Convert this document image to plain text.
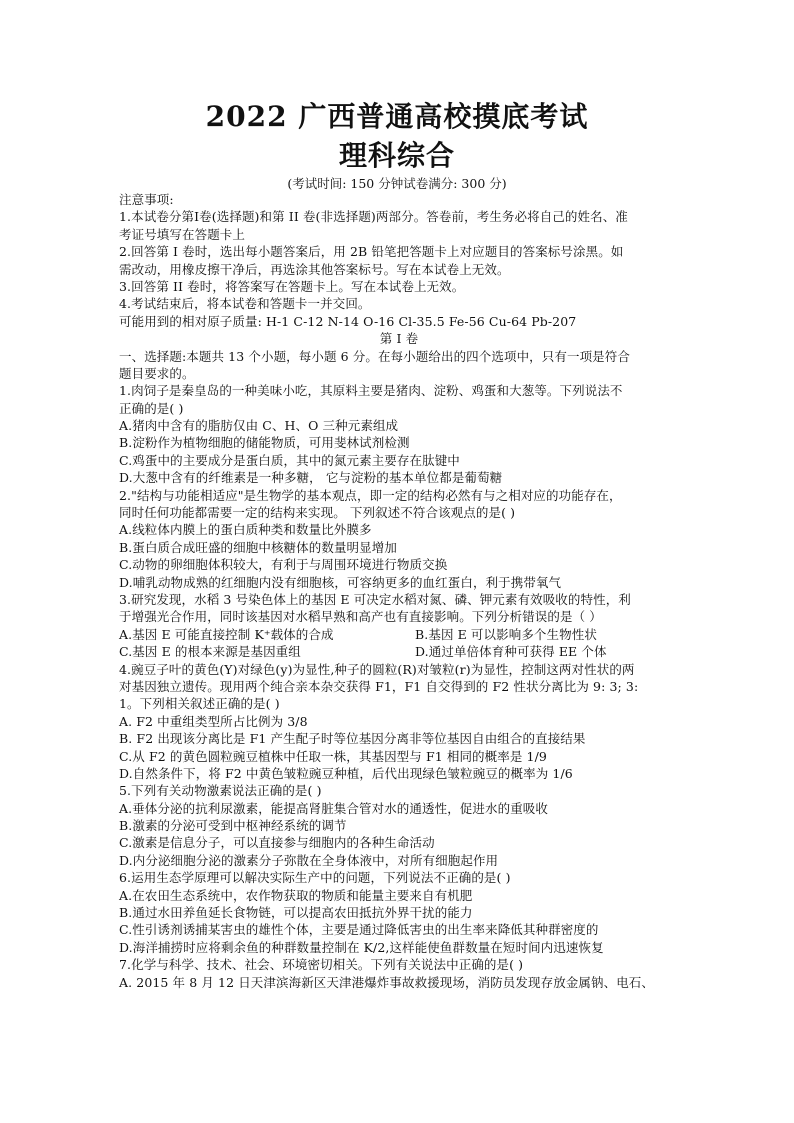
2022 广西普通高校摸底考试
理科综合
(考试时间: 150 分钟试卷满分: 300 分)
注意事项:
1.本试卷分第Ⅰ卷(选择题)和第 II 卷(非选择题)两部分。答卷前，考生务必将自己的姓名、准
考证号填写在答题卡上
2.回答第 I 卷时，选出每小题答案后，用 2B 铅笔把答题卡上对应题目的答案标号涂黑。如
需改动，用橡皮擦干净后，再选涂其他答案标号。写在本试卷上无效。
3.回答第 II 卷时，将答案写在答题卡上。写在本试卷上无效。
4.考试结束后，将本试卷和答题卡一并交回。
可能用到的相对原子质量: H-1 C-12 N-14 O-16 Cl-35.5 Fe-56 Cu-64 Pb-207
第 I 卷
一、选择题:本题共 13 个小题，每小题 6 分。在每小题给出的四个选项中，只有一项是符合
题目要求的。
1.肉饲子是秦皇岛的一种美味小吃，其原料主要是猪肉、淀粉、鸡蛋和大葱等。下列说法不
正确的是( )
A.猪肉中含有的脂肪仅由 C、H、O 三种元素组成
B.淀粉作为植物细胞的储能物质，可用斐林试剂检测
C.鸡蛋中的主要成分是蛋白质，其中的氮元素主要存在肽键中
D.大葱中含有的纤维素是一种多糖， 它与淀粉的基本单位都是葡萄糖
2."结构与功能相适应"是生物学的基本观点，即一定的结构必然有与之相对应的功能存在，
同时任何功能都需要一定的结构来实现。 下列叙述不符合该观点的是( )
A.线粒体内膜上的蛋白质种类和数量比外膜多
B.蛋白质合成旺盛的细胞中核糖体的数量明显增加
C.动物的卵细胞体积较大，有利于与周围环境进行物质交换
D.哺乳动物成熟的红细胞内没有细胞核，可容纳更多的血红蛋白，利于携带氧气
3.研究发现，水稻 3 号染色体上的基因 E 可决定水稻对氮、磷、钾元素有效吸收的特性，利
于增强光合作用，同时该基因对水稻早熟和高产也有直接影响。下列分析错误的是（ ）
A.基因 E 可能直接控制 K⁺载体的合成	B.基因 E 可以影响多个生物性状
C.基因 E 的根本来源是基因重组	D.通过单倍体育种可获得 EE 个体
4.豌豆子叶的黄色(Y)对绿色(y)为显性,种子的圆粒(R)对皱粒(r)为显性，控制这两对性状的两
对基因独立遗传。现用两个纯合亲本杂交获得 F1，F1 自交得到的 F2 性状分离比为 9: 3; 3:
1。下列相关叙述正确的是( )
A. F2 中重组类型所占比例为 3/8
B. F2 出现该分离比是 F1 产生配子时等位基因分离非等位基因自由组合的直接结果
C.从 F2 的黄色圆粒豌豆植株中任取一株，其基因型与 F1 相同的概率是 1/9
D.自然条件下，将 F2 中黄色皱粒豌豆种植，后代出现绿色皱粒豌豆的概率为 1/6
5.下列有关动物激素说法正确的是( )
A.垂体分泌的抗利尿激素，能提高肾脏集合管对水的通透性，促进水的重吸收
B.激素的分泌可受到中枢神经系统的调节
C.激素是信息分子，可以直接参与细胞内的各种生命活动
D.内分泌细胞分泌的激素分子弥散在全身体液中，对所有细胞起作用
6.运用生态学原理可以解决实际生产中的问题，下列说法不正确的是( )
A.在农田生态系统中，农作物获取的物质和能量主要来自有机肥
B.通过水田养鱼延长食物链，可以提高农田抵抗外界干扰的能力
C.性引诱剂诱捕某害虫的雄性个体，主要是通过降低害虫的出生率来降低其种群密度的
D.海洋捕捞时应将剩余鱼的种群数量控制在 K/2,这样能使鱼群数量在短时间内迅速恢复
7.化学与科学、技术、社会、环境密切相关。下列有关说法中正确的是( )
A. 2015 年 8 月 12 日天津滨海新区天津港爆炸事故救援现场，消防员发现存放金属钠、电石、
